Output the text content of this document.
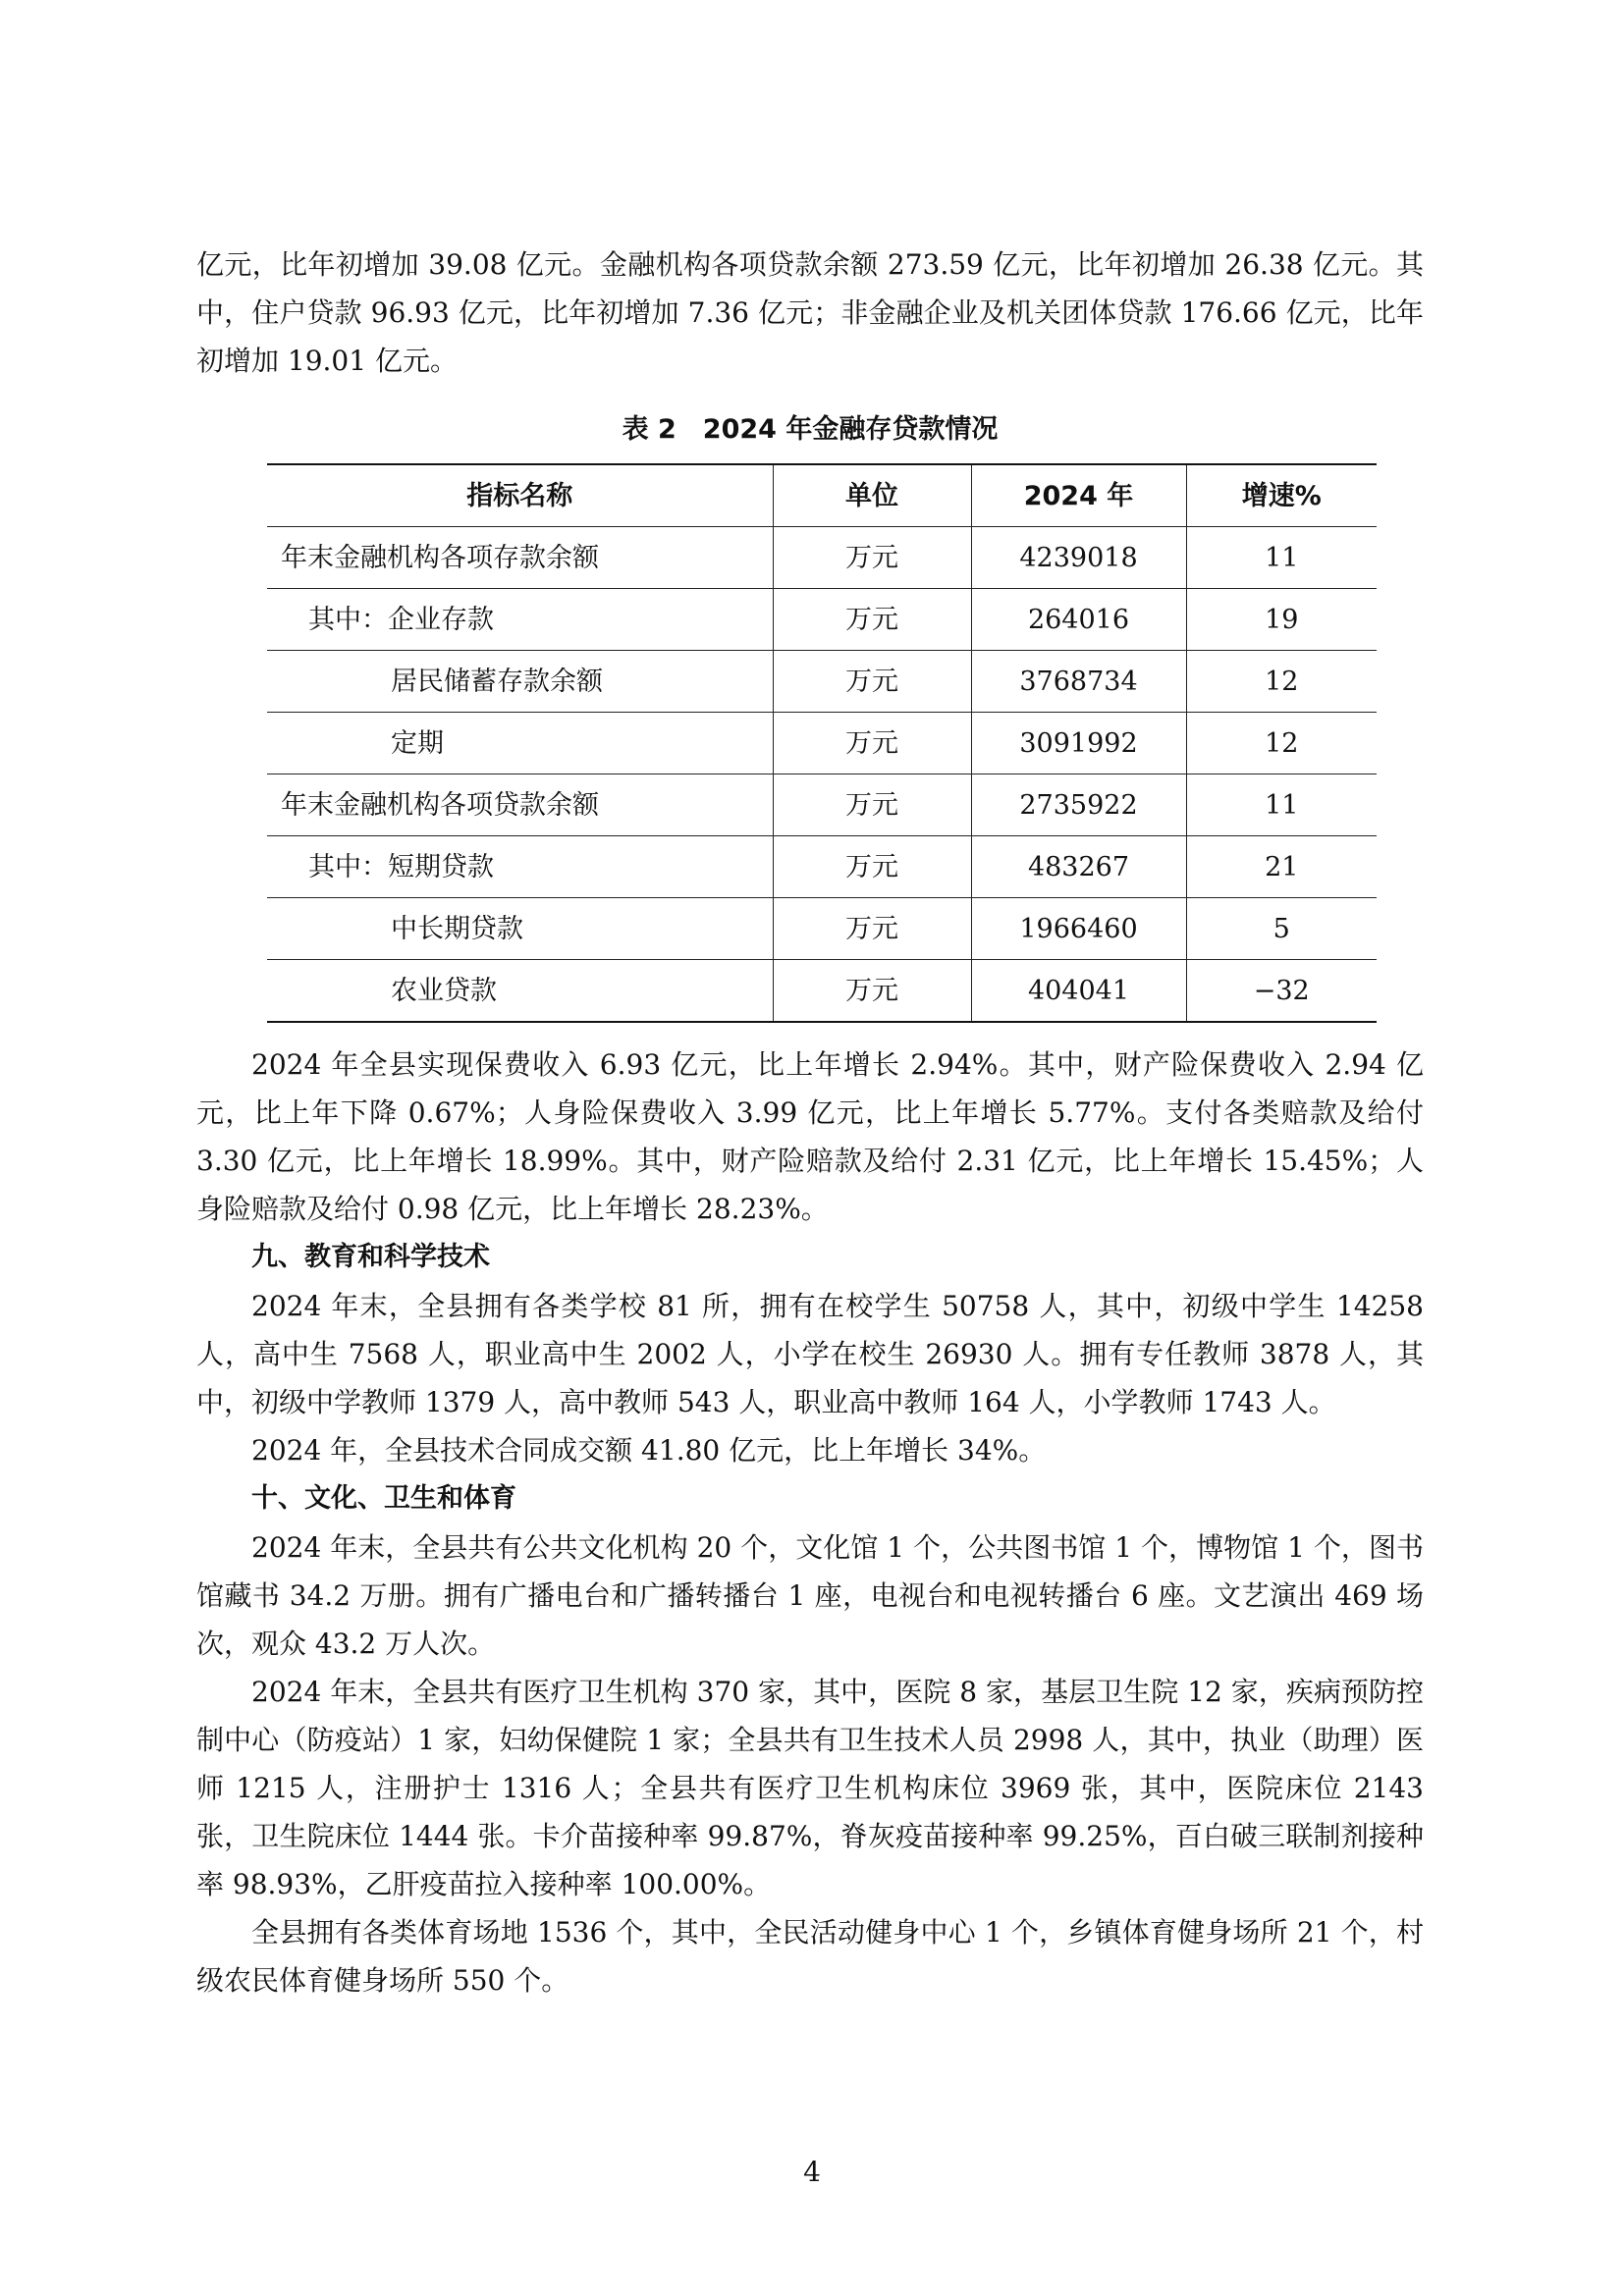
亿元，比年初增加 39.08 亿元。金融机构各项贷款余额 273.59 亿元，比年初增加 26.38 亿元。其中，住户贷款 96.93 亿元，比年初增加 7.36 亿元；非金融企业及机关团体贷款 176.66 亿元，比年初增加 19.01 亿元。

表 2　2024 年金融存贷款情况
指标名称	单位	2024 年	增速%
年末金融机构各项存款余额	万元	4239018	11
其中：企业存款	万元	264016	19
居民储蓄存款余额	万元	3768734	12
定期	万元	3091992	12
年末金融机构各项贷款余额	万元	2735922	11
其中：短期贷款	万元	483267	21
中长期贷款	万元	1966460	5
农业贷款	万元	404041	−32

2024 年全县实现保费收入 6.93 亿元，比上年增长 2.94%。其中，财产险保费收入 2.94 亿元，比上年下降 0.67%；人身险保费收入 3.99 亿元，比上年增长 5.77%。支付各类赔款及给付 3.30 亿元，比上年增长 18.99%。其中，财产险赔款及给付 2.31 亿元，比上年增长 15.45%；人身险赔款及给付 0.98 亿元，比上年增长 28.23%。

九、教育和科学技术

2024 年末，全县拥有各类学校 81 所，拥有在校学生 50758 人，其中，初级中学生 14258 人，高中生 7568 人，职业高中生 2002 人，小学在校生 26930 人。拥有专任教师 3878 人，其中，初级中学教师 1379 人，高中教师 543 人，职业高中教师 164 人，小学教师 1743 人。

2024 年，全县技术合同成交额 41.80 亿元，比上年增长 34%。

十、文化、卫生和体育

2024 年末，全县共有公共文化机构 20 个，文化馆 1 个，公共图书馆 1 个，博物馆 1 个，图书馆藏书 34.2 万册。拥有广播电台和广播转播台 1 座，电视台和电视转播台 6 座。文艺演出 469 场次，观众 43.2 万人次。

2024 年末，全县共有医疗卫生机构 370 家，其中，医院 8 家，基层卫生院 12 家，疾病预防控制中心（防疫站）1 家，妇幼保健院 1 家；全县共有卫生技术人员 2998 人，其中，执业（助理）医师 1215 人，注册护士 1316 人；全县共有医疗卫生机构床位 3969 张，其中，医院床位 2143 张，卫生院床位 1444 张。卡介苗接种率 99.87%，脊灰疫苗接种率 99.25%，百白破三联制剂接种率 98.93%，乙肝疫苗拉入接种率 100.00%。

全县拥有各类体育场地 1536 个，其中，全民活动健身中心 1 个，乡镇体育健身场所 21 个，村级农民体育健身场所 550 个。

4
